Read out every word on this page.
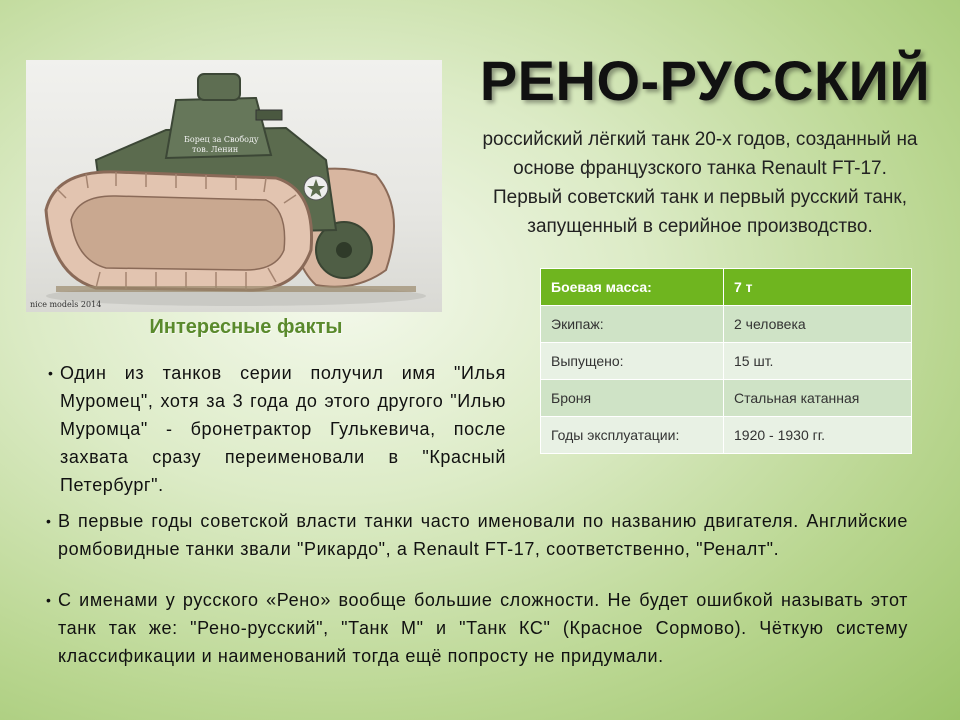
Борец за Свободу
тов. Ленин
nice models 2014
РЕНО-РУССКИЙ
российский лёгкий танк 20-х годов, созданный на основе французского танка Renault FT-17. Первый советский танк и первый русский танк, запущенный в серийное производство.
Интересные факты
Боевая масса:	7 т
Экипаж:	2 человека
Выпущено:	15 шт.
Броня	Стальная катанная
Годы эксплуатации:	1920 - 1930 гг.
• Один из танков серии получил имя "Илья Муромец", хотя за 3 года до этого другого "Илью Муромца" - бронетрактор Гулькевича, после захвата сразу переименовали в "Красный Петербург".
• В первые годы советской власти танки часто именовали по названию двигателя. Английские ромбовидные танки звали "Рикардо", а Renault FT-17, соответственно, "Реналт".
• С именами у русского «Рено» вообще большие сложности. Не будет ошибкой называть этот танк так же: "Рено-русский", "Танк М" и "Танк КС" (Красное Сормово). Чёткую систему классификации и наименований тогда ещё попросту не придумали.
